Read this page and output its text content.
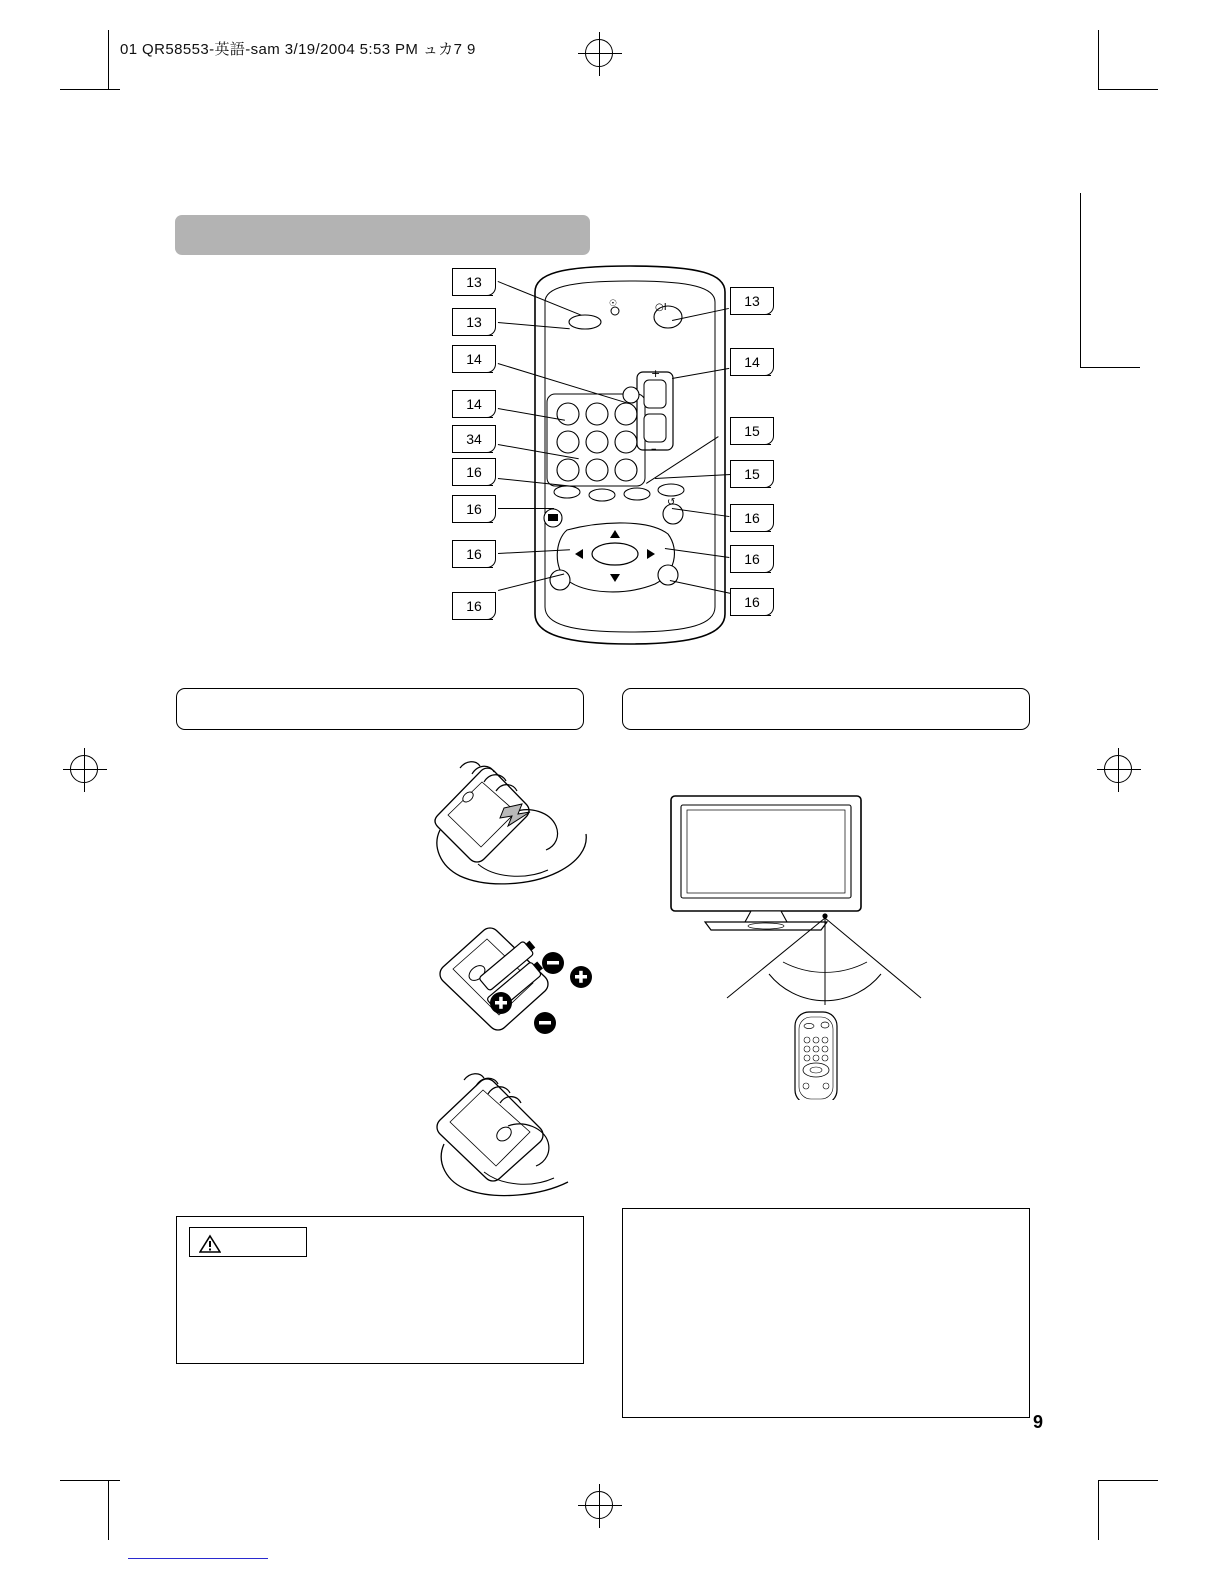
01 QR58553-英語-sam 3/19/2004 5:53 PM ュカ7 9
☉	○I
+
–
↺
13
13
13
14	14
14
34	15
16	15
16
16
16	16
16	16
9
